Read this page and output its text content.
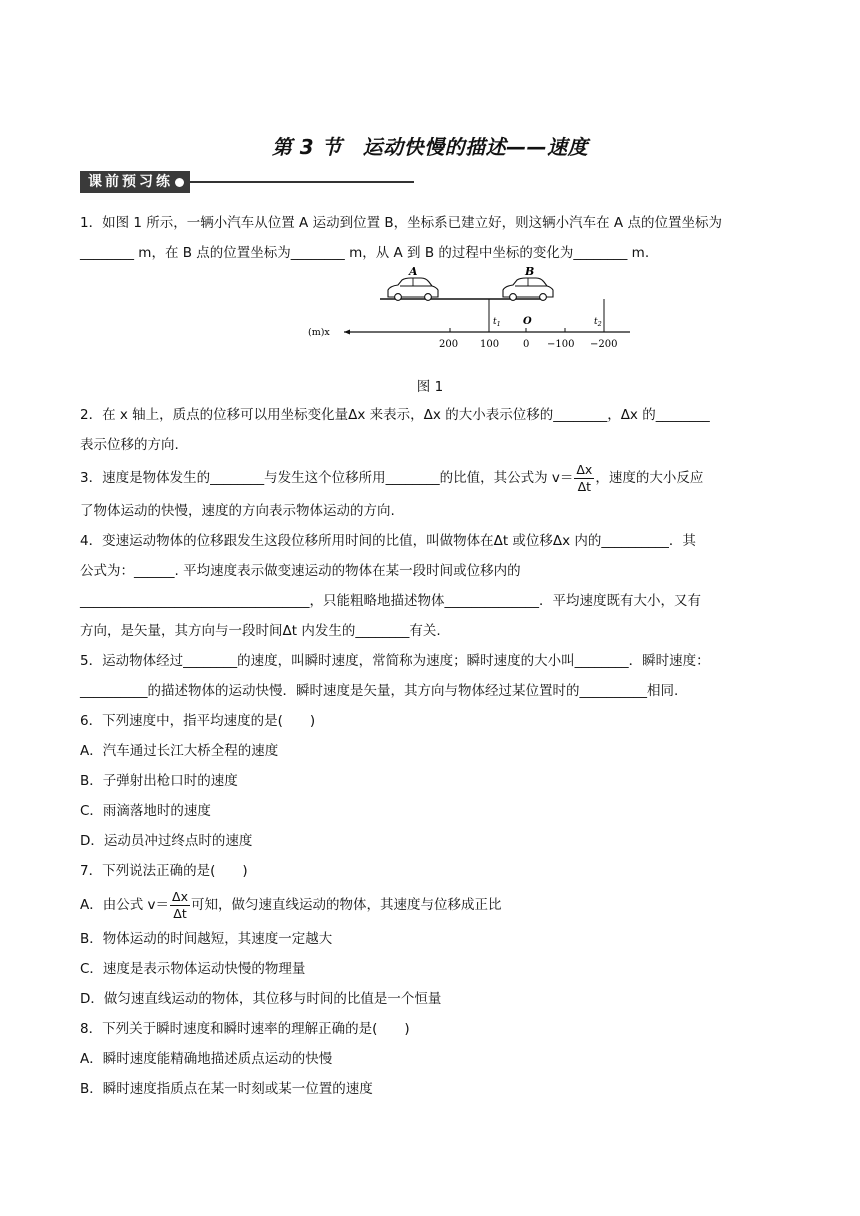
第 3 节　运动快慢的描述——速度
课前预习练

1．如图 1 所示，一辆小汽车从位置 A 运动到位置 B，坐标系已建立好，则这辆小汽车在 A 点的位置坐标为

________ m，在 B 点的位置坐标为________ m，从 A 到 B 的过程中坐标的变化为________ m.

A	B
$t_1$	$t_2$
O
(m)x
200 100 0 −100 −200

图 1

2．在 x 轴上，质点的位移可以用坐标变化量Δx 来表示，Δx 的大小表示位移的________，Δx 的________

表示位移的方向.

3．速度是物体发生的________与发生这个位移所用________的比值，其公式为 $v= \frac{\Delta x}{\Delta t}$ ，速度的大小反应

了物体运动的快慢，速度的方向表示物体运动的方向.

4．变速运动物体的位移跟发生这段位移所用时间的比值，叫做物体在Δt 或位移Δx 内的__________．其

公式为：______. 平均速度表示做变速运动的物体在某一段时间或位移内的

__________________________________，只能粗略地描述物体______________．平均速度既有大小，又有

方向，是矢量，其方向与一段时间Δt 内发生的________有关.

5．运动物体经过________的速度，叫瞬时速度，常简称为速度；瞬时速度的大小叫________．瞬时速度：

__________的描述物体的运动快慢．瞬时速度是矢量，其方向与物体经过某位置时的__________相同.

6．下列速度中，指平均速度的是(　　)

A．汽车通过长江大桥全程的速度

B．子弹射出枪口时的速度

C．雨滴落地时的速度

D．运动员冲过终点时的速度

7．下列说法正确的是(　　)

A．由公式 $v= \frac{\Delta x}{\Delta t}$ 可知，做匀速直线运动的物体，其速度与位移成正比

B．物体运动的时间越短，其速度一定越大

C．速度是表示物体运动快慢的物理量

D．做匀速直线运动的物体，其位移与时间的比值是一个恒量

8．下列关于瞬时速度和瞬时速率的理解正确的是(　　)

A．瞬时速度能精确地描述质点运动的快慢

B．瞬时速度指质点在某一时刻或某一位置的速度
